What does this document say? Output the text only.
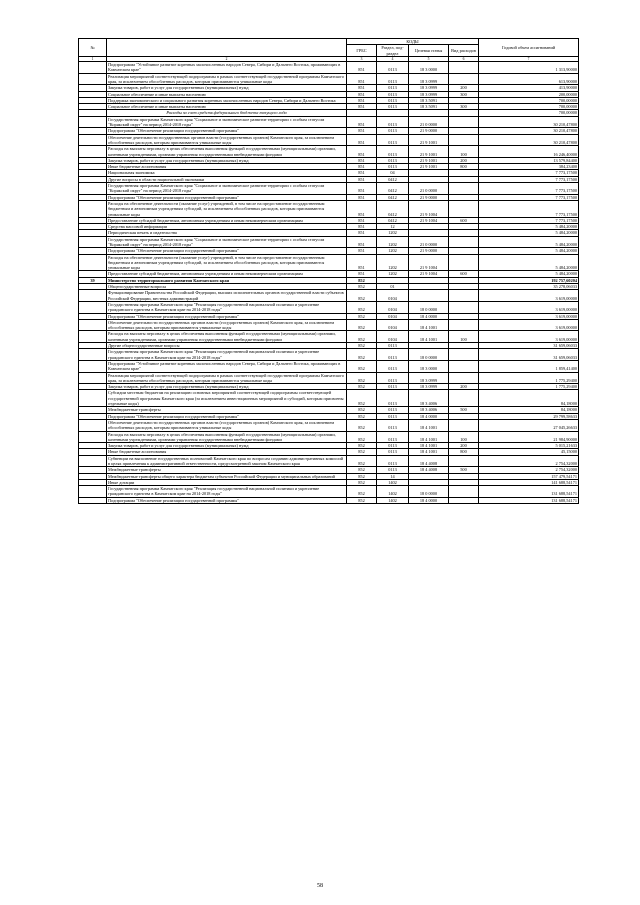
№		КОДЫ				Годовой объем ассигнований
		ГРБС	Раздел, под-раздел	Целевая статья	Вид расходов	
1	2	3	4	5	6	7
	Подпрограмма "Устойчивое развитие коренных малочисленных народов Севера, Сибири и Дальнего Востока, проживающих в Камчатском крае"	851	0113	18 3 0000		1 313,90000
	Реализация мероприятий соответствующей подпрограммы в рамках соответствующей государственной программы Камчатского края, за исключением обособленных расходов, которым присваиваются уникальные коды	851	0113	18 3 0999		613,90000
	Закупка товаров, работ и услуг для государственных (муниципальных) нужд	851	0113	18 3 0999	200	413,90000
	Социальное обеспечение и иные выплаты населению	851	0113	18 3 0999	300	200,00000
	Поддержка экономического и социального развития коренных малочисленных народов Севера, Сибири и Дальнего Востока	851	0113	18 3 5091		700,00000
	Социальное обеспечение и иные выплаты населению	851	0113	18 3 5091	300	700,00000
	Расходы за счет средств федерального бюджета текущего года					700,00000
	Государственная программа Камчатского края "Социальное и экономическое развитие территории с особым статусом "Корякский округ" на период 2014-2018 годы"	851	0113	21 0 0000		30 210,47800
	Подпрограмма "Обеспечение реализации государственной программы"	851	0113	21 9 0000		30 210,47800
	Обеспечение деятельности государственных органов власти (государственных органов) Камчатского края, за исключением обособленных расходов, которым присваиваются уникальные коды	851	0113	21 9 1001		30 210,47800
	Расходы на выплаты персоналу в целях обеспечения выполнения функций государственными (муниципальными) органами, казенными учреждениями, органами управления государственными внебюджетными фондами	851	0113	21 9 1001	100	16 246,40000
	Закупка товаров, работ и услуг для государственных (муниципальных) нужд	851	0113	21 9 1001	200	13 579,84400
	Иные бюджетные ассигнования	851	0113	21 9 1001	800	384,23400
	Национальная экономика	851	04			7 773,17500
	Другие вопросы в области национальной экономики	851	0412			7 773,17500
	Государственная программа Камчатского края "Социальное и экономическое развитие территории с особым статусом "Корякский округ" на период 2014-2018 годы"	851	0412	21 0 0000		7 773,17500
	Подпрограмма "Обеспечение реализации государственной программы"	851	0412	21 9 0000		7 773,17500
	Расходы на обеспечение деятельности (оказание услуг) учреждений, в том числе на предоставление государственным бюджетным и автономным учреждениям субсидий, за исключением обособленных расходов, которым присваиваются уникальные коды	851	0412	21 9 1004		7 773,17500
	Предоставление субсидий бюджетным, автономным учреждениям и иным некоммерческим организациям	851	0412	21 9 1004	600	7 773,17500
	Средства массовой информации	851	12			5 484,20000
	Периодическая печать и издательства	851	1202			5 484,20000
	Государственная программа Камчатского края "Социальное и экономическое развитие территории с особым статусом "Корякский округ" на период 2014-2018 годы"	851	1202	21 0 0000		5 484,20000
	Подпрограмма "Обеспечение реализации государственной программы"	851	1202	21 9 0000		5 484,20000
	Расходы на обеспечение деятельности (оказание услуг) учреждений, в том числе на предоставление государственным бюджетным и автономным учреждениям субсидий, за исключением обособленных расходов, которым присваиваются уникальные коды	851	1202	21 9 1004		5 484,20000
	Предоставление субсидий бюджетным, автономным учреждениям и иным некоммерческим организациям	851	1202	21 9 1004	600	5 484,20000
39	Министерство территориального развития Камчатского края	852				192 757,60204
	Общегосударственные вопросы	852	01			35 278,06033
	Функционирование Правительства Российской Федерации, высших исполнительных органов государственной власти субъектов Российской Федерации, местных администраций	852	0104			3 619,00000
	Государственная программа Камчатского края "Реализация государственной национальной политики и укрепление гражданского единства в Камчатском крае на 2014-2018 годы"	852	0104	18 0 0000		3 619,00000
	Подпрограмма "Обеспечение реализации государственной программы"	852	0104	18 4 0000		3 619,00000
	Обеспечение деятельности государственных органов власти (государственных органов) Камчатского края, за исключением обособленных расходов, которым присваиваются уникальные коды	852	0104	18 4 1001		3 619,00000
	Расходы на выплаты персоналу в целях обеспечения выполнения функций государственными (муниципальными) органами, казенными учреждениями, органами управления государственными внебюджетными фондами	852	0104	18 4 1001	100	3 619,00000
	Другие общегосударственные вопросы	852	0113			31 659,06033
	Государственная программа Камчатского края "Реализация государственной национальной политики и укрепление гражданского единства в Камчатском крае на 2014-2018 годы"	852	0113	18 0 0000		31 659,06033
	Подпрограмма "Устойчивое развитие коренных малочисленных народов Севера, Сибири и Дальнего Востока, проживающих в Камчатском крае"	852	0113	18 3 0000		1 859,41400
	Реализация мероприятий соответствующей подпрограммы в рамках соответствующей государственной программы Камчатского края, за исключением обособленных расходов, которым присваиваются уникальные коды	852	0113	18 3 0999		1 775,29400
	Закупка товаров, работ и услуг для государственных (муниципальных) нужд	852	0113	18 3 0999	200	1 775,29400
	Субсидии местным бюджетам на реализацию основных мероприятий соответствующей подпрограммы соответствующей государственной программы Камчатского края (за исключением инвестиционных мероприятий и субсидий, которым присвоены отдельные коды)	852	0113	18 3 4006		84,18000
	Межбюджетные трансферты	852	0113	18 3 4006	500	84,18000
	Подпрограмма "Обеспечение реализации государственной программы"	852	0113	18 4 0000		29 799,58633
	Обеспечение деятельности государственных органов власти (государственных органов) Камчатского края, за исключением обособленных расходов, которым присваиваются уникальные коды	852	0113	18 4 1001		27 045,26633
	Расходы на выплаты персоналу в целях обеспечения выполнения функций государственными (муниципальными) органами, казенными учреждениями, органами управления государственными внебюджетными фондами	852	0113	18 4 1001	100	21 984,90000
	Закупка товаров, работ и услуг для государственных (муниципальных) нужд	852	0113	18 4 1001	200	5 015,21633
	Иные бюджетные ассигнования	852	0113	18 4 1001	800	45,15000
	Субвенции на выполнение государственных полномочий Камчатского края по вопросам созданию административных комиссий в целях привлечения к административной ответственности, предусмотренной законом Камчатского края	852	0113	18 4 4008		2 754,32000
	Межбюджетные трансферты	852	0113	18 4 4008	500	2 754,32000
	Межбюджетные трансферты общего характера бюджетам субъектов Российской Федерации и муниципальных образований	852	14			157 479,54171
	Иные дотации	852	1402			141 688,54171
	Государственная программа Камчатского края "Реализация государственной национальной политики и укрепление гражданского единства в Камчатском крае на 2014-2018 годы"	852	1402	18 0 0000		131 688,54171
	Подпрограмма "Обеспечение реализации государственной программы"	852	1402	18 4 0000		131 688,54171
58
